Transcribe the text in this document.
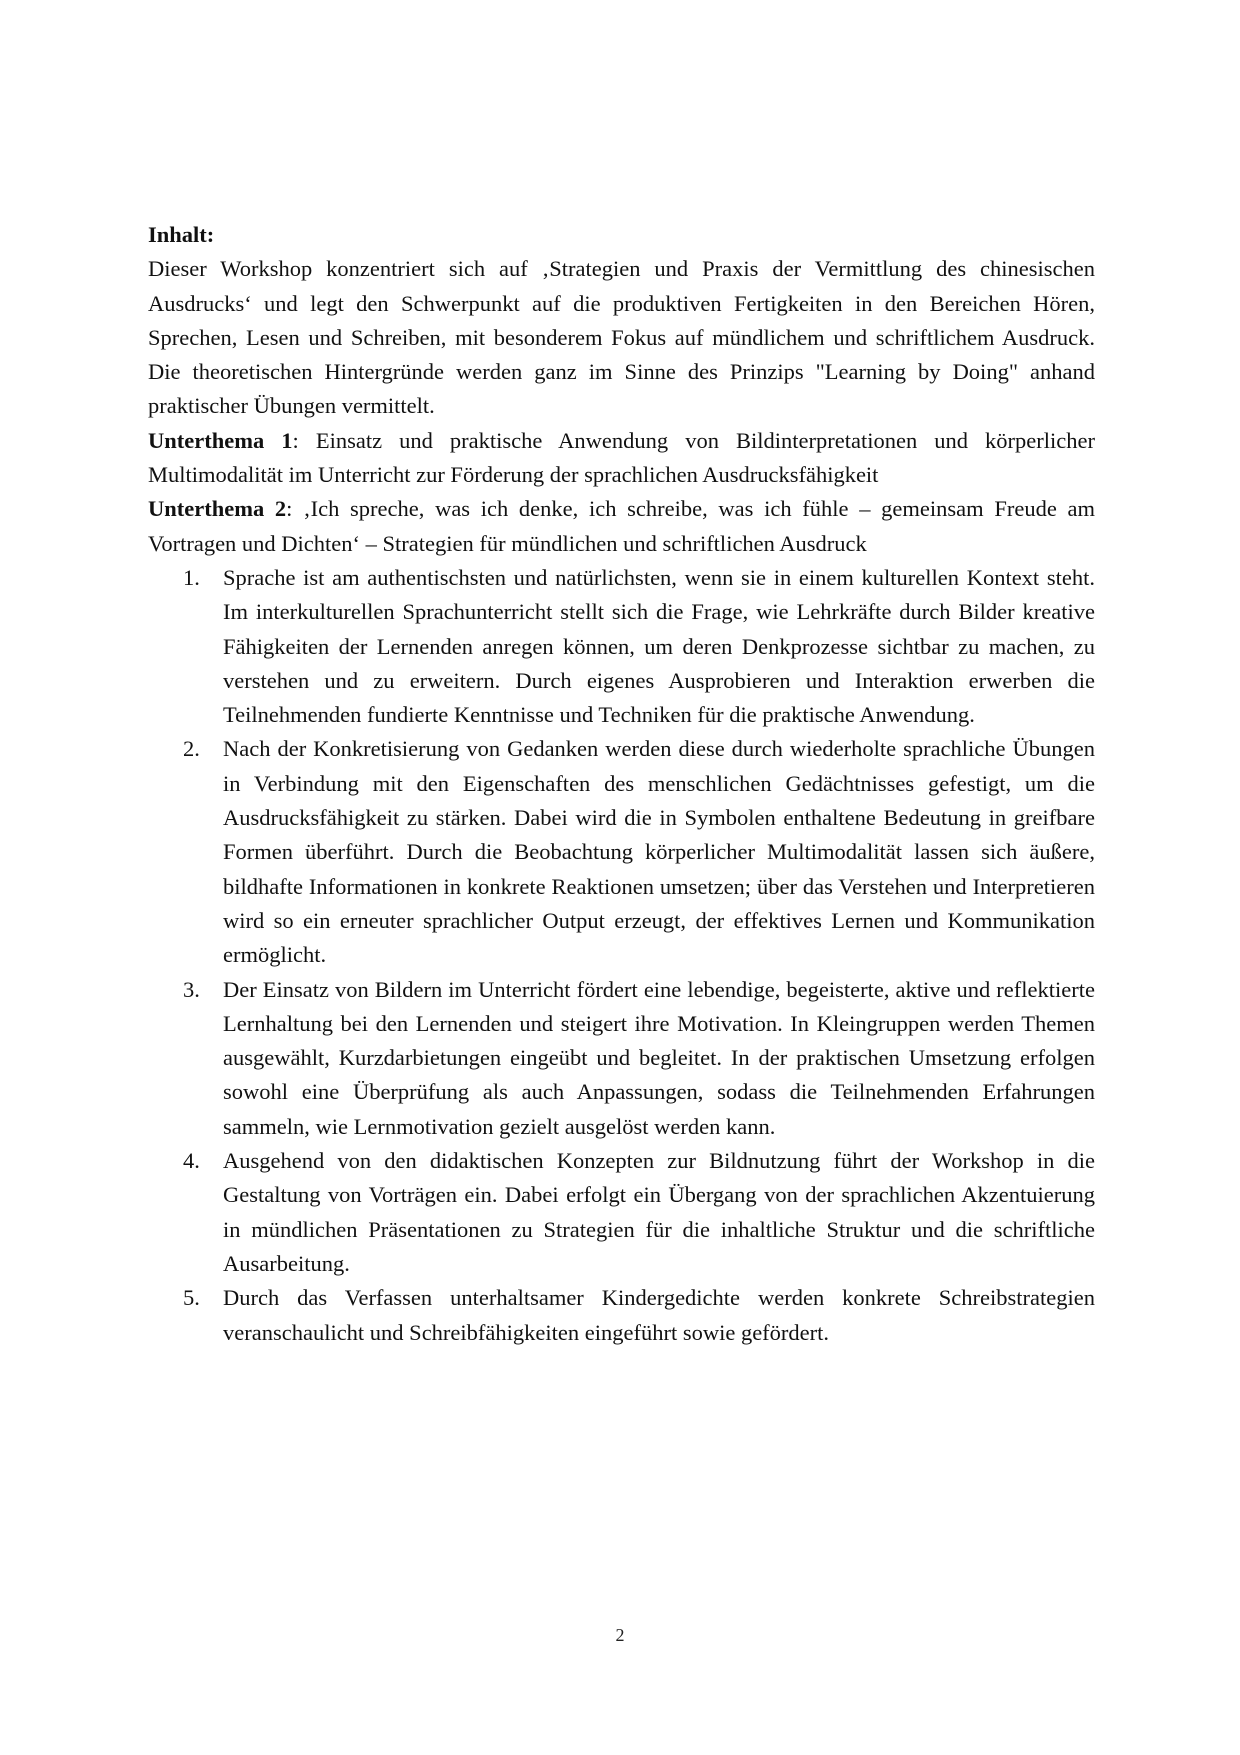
Inhalt:

Dieser Workshop konzentriert sich auf ‚Strategien und Praxis der Vermittlung des chinesischen Ausdrucks‘ und legt den Schwerpunkt auf die produktiven Fertigkeiten in den Bereichen Hören, Sprechen, Lesen und Schreiben, mit besonderem Fokus auf mündlichem und schriftlichem Ausdruck. Die theoretischen Hintergründe werden ganz im Sinne des Prinzips "Learning by Doing" anhand praktischer Übungen vermittelt.

Unterthema 1: Einsatz und praktische Anwendung von Bildinterpretationen und körperlicher Multimodalität im Unterricht zur Förderung der sprachlichen Ausdrucksfähigkeit

Unterthema 2: ‚Ich spreche, was ich denke, ich schreibe, was ich fühle – gemeinsam Freude am Vortragen und Dichten‘ – Strategien für mündlichen und schriftlichen Ausdruck

1. Sprache ist am authentischsten und natürlichsten, wenn sie in einem kulturellen Kontext steht. Im interkulturellen Sprachunterricht stellt sich die Frage, wie Lehrkräfte durch Bilder kreative Fähigkeiten der Lernenden anregen können, um deren Denkprozesse sichtbar zu machen, zu verstehen und zu erweitern. Durch eigenes Ausprobieren und Interaktion erwerben die Teilnehmenden fundierte Kenntnisse und Techniken für die praktische Anwendung.
2. Nach der Konkretisierung von Gedanken werden diese durch wiederholte sprachliche Übungen in Verbindung mit den Eigenschaften des menschlichen Gedächtnisses gefestigt, um die Ausdrucksfähigkeit zu stärken. Dabei wird die in Symbolen enthaltene Bedeutung in greifbare Formen überführt. Durch die Beobachtung körperlicher Multimodalität lassen sich äußere, bildhafte Informationen in konkrete Reaktionen umsetzen; über das Verstehen und Interpretieren wird so ein erneuter sprachlicher Output erzeugt, der effektives Lernen und Kommunikation ermöglicht.
3. Der Einsatz von Bildern im Unterricht fördert eine lebendige, begeisterte, aktive und reflektierte Lernhaltung bei den Lernenden und steigert ihre Motivation. In Kleingruppen werden Themen ausgewählt, Kurzdarbietungen eingeübt und begleitet. In der praktischen Umsetzung erfolgen sowohl eine Überprüfung als auch Anpassungen, sodass die Teilnehmenden Erfahrungen sammeln, wie Lernmotivation gezielt ausgelöst werden kann.
4. Ausgehend von den didaktischen Konzepten zur Bildnutzung führt der Workshop in die Gestaltung von Vorträgen ein. Dabei erfolgt ein Übergang von der sprachlichen Akzentuierung in mündlichen Präsentationen zu Strategien für die inhaltliche Struktur und die schriftliche Ausarbeitung.
5. Durch das Verfassen unterhaltsamer Kindergedichte werden konkrete Schreibstrategien veranschaulicht und Schreibfähigkeiten eingeführt sowie gefördert.
2
